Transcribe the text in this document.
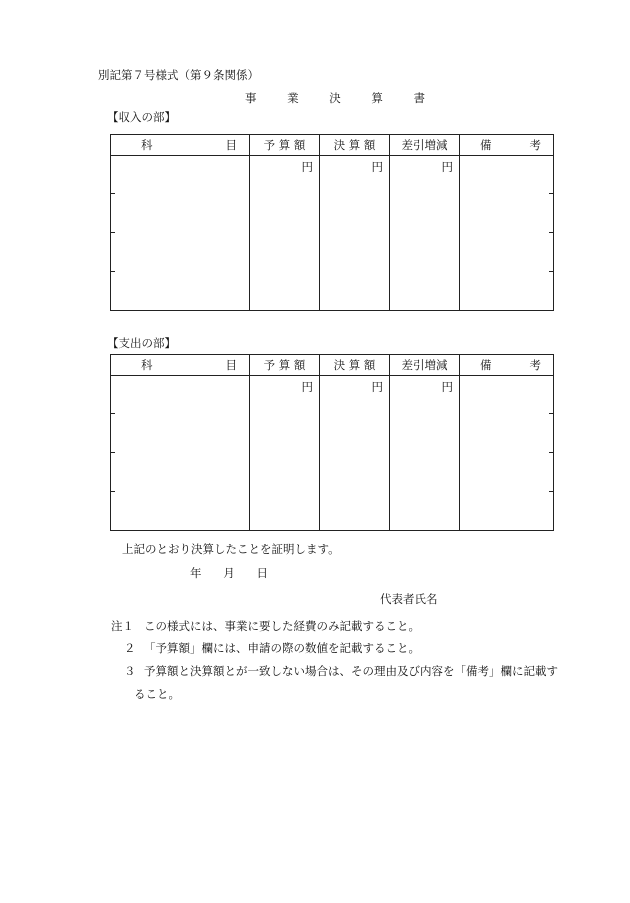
別記第７号様式（第９条関係）
事	業	決	算	書
【収入の部】
科 目	予 算 額	決 算 額	差引増減	備 考

	円	円	円	

【支出の部】
科 目	予 算 額	決 算 額	差引増減	備 考

	円	円	円	

上記のとおり決算したことを証明します。
年 月 日
代表者氏名
注１ この様式には、事業に要した経費のみ記載すること。
２ 「予算額」欄には、申請の際の数値を記載すること。
３ 予算額と決算額とが一致しない場合は、その理由及び内容を「備考」欄に記載す
ること。
